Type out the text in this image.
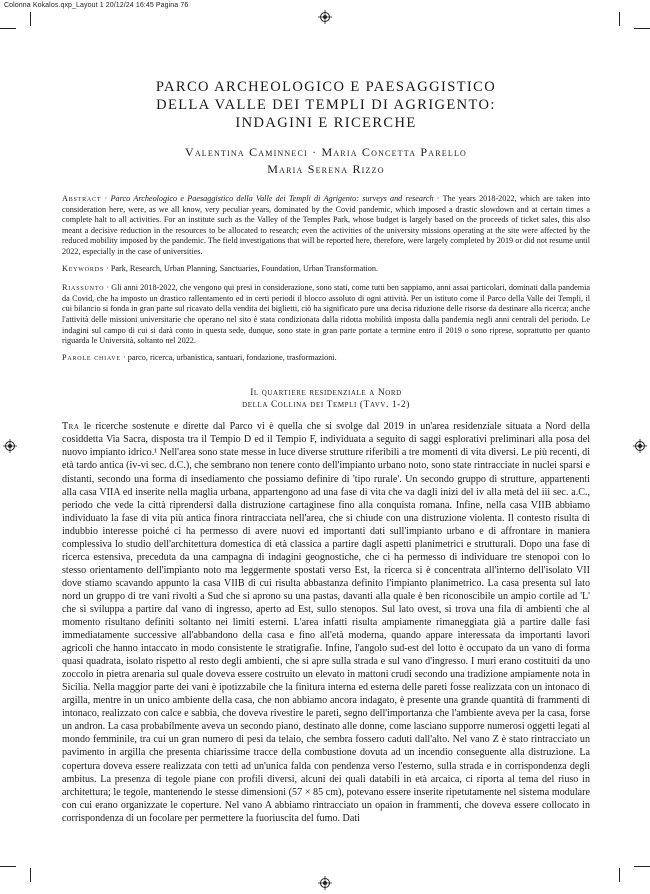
Colonna Kokalos.qxp_Layout 1 20/12/24 16:45 Pagina 76
PARCO ARCHEOLOGICO E PAESAGGISTICO
DELLA VALLE DEI TEMPLI DI AGRIGENTO:
INDAGINI E RICERCHE
Valentina Caminneci · Maria Concetta Parello
Maria Serena Rizzo
Abstract · Parco Archeologico e Paesaggistico della Valle dei Templi di Agrigento: surveys and research · The years 2018-2022, which are taken into consideration here, were, as we all know, very peculiar years, dominated by the Covid pandemic, which imposed a drastic slowdown and at certain times a complete halt to all activities. For an institute such as the Valley of the Temples Park, whose budget is largely based on the proceeds of ticket sales, this also meant a decisive reduction in the resources to be allocated to research; even the activities of the university missions operating at the site were affected by the reduced mobility imposed by the pandemic. The field investigations that will be reported here, therefore, were largely completed by 2019 or did not resume until 2022, especially in the case of universities.
Keywords · Park, Research, Urban Planning, Sanctuaries, Foundation, Urban Transformation.
Riassunto · Gli anni 2018-2022, che vengono qui presi in considerazione, sono stati, come tutti ben sappiamo, anni assai particolari, dominati dalla pandemia da Covid, che ha imposto un drastico rallentamento ed in certi periodi il blocco assoluto di ogni attività. Per un istituto come il Parco della Valle dei Templi, il cui bilancio si fonda in gran parte sul ricavato della vendita dei biglietti, ciò ha significato pure una decisa riduzione delle risorse da destinare alla ricerca; anche l'attività delle missioni universitarie che operano nel sito è stata condizionata dalla ridotta mobilità imposta dalla pandemia negli anni centrali del periodo. Le indagini sul campo di cui si darà conto in questa sede, dunque, sono state in gran parte portate a termine entro il 2019 o sono riprese, soprattutto per quanto riguarda le Università, soltanto nel 2022.
Parole chiave · parco, ricerca, urbanistica, santuari, fondazione, trasformazioni.
Il quartiere residenziale a Nord
della Collina dei Templi (Tavv. 1-2)
Tra le ricerche sostenute e dirette dal Parco vi è quella che si svolge dal 2019 in un'area residenziale situata a Nord della cosiddetta Via Sacra, disposta tra il Tempio D ed il Tempio F, individuata a seguito di saggi esplorativi preliminari alla posa del nuovo impianto idrico.¹ Nell'area sono state messe in luce diverse strutture riferibili a tre momenti di vita diversi. Le più recenti, di età tardo antica (iv-vi sec. d.C.), che sembrano non tenere conto dell'impianto urbano noto, sono state rintracciate in nuclei sparsi e distanti, secondo una forma di insediamento che possiamo definire di 'tipo rurale'. Un secondo gruppo di strutture, appartenenti alla casa VIIA ed inserite nella maglia urbana, appartengono ad una fase di vita che va dagli inizi del iv alla metà del iii sec. a.C., periodo che vede la città riprendersi dalla distruzione cartaginese fino alla conquista romana. Infine, nella casa VIIB abbiamo individuato la fase di vita più antica finora rintracciata nell'area, che si chiude con una distruzione violenta. Il contesto risulta di indubbio interesse poiché ci ha permesso di avere nuovi ed importanti dati sull'impianto urbano e di affrontare in maniera complessiva lo studio dell'architettura domestica di età classica a partire dagli aspetti planimetrici e strutturali. Dopo una fase di ricerca estensiva, preceduta da una campagna di indagini geognostiche, che ci ha permesso di individuare tre stenopoi con lo stesso orientamento dell'impianto noto ma leggermente spostati verso Est, la ricerca si è concentrata all'interno dell'isolato VII dove stiamo scavando appunto la casa VIIB di cui risulta abbastanza definito l'impianto planimetrico. La casa presenta sul lato nord un gruppo di tre vani rivolti a Sud che si aprono su una pastas, davanti alla quale è ben riconoscibile un ampio cortile ad 'L' che si sviluppa a partire dal vano di ingresso, aperto ad Est, sullo stenopos. Sul lato ovest, si trova una fila di ambienti che al momento risultano definiti soltanto nei limiti esterni. L'area infatti risulta ampiamente rimaneggiata già a partire dalle fasi immediatamente successive all'abbandono della casa e fino all'età moderna, quando appare interessata da importanti lavori agricoli che hanno intaccato in modo consistente le stratigrafie. Infine, l'angolo sud-est del lotto è occupato da un vano di forma quasi quadrata, isolato rispetto al resto degli ambienti, che si apre sulla strada e sul vano d'ingresso. I muri erano costituiti da uno zoccolo in pietra arenaria sul quale doveva essere costruito un elevato in mattoni crudi secondo una tradizione ampiamente nota in Sicilia. Nella maggior parte dei vani è ipotizzabile che la finitura interna ed esterna delle pareti fosse realizzata con un intonaco di argilla, mentre in un unico ambiente della casa, che non abbiamo ancora indagato, è presente una grande quantità di frammenti di intonaco, realizzato con calce e sabbia, che doveva rivestire le pareti, segno dell'importanza che l'ambiente aveva per la casa, forse un andron. La casa probabilmente aveva un secondo piano, destinato alle donne, come lasciano supporre numerosi oggetti legati al mondo femminile, tra cui un gran numero di pesi da telaio, che sembra fossero caduti dall'alto. Nel vano Z è stato rintracciato un pavimento in argilla che presenta chiarissime tracce della combustione dovuta ad un incendio conseguente alla distruzione. La copertura doveva essere realizzata con tetti ad un'unica falda con pendenza verso l'esterno, sulla strada e in corrispondenza degli ambitus. La presenza di tegole piane con profili diversi, alcuni dei quali databili in età arcaica, ci riporta al tema del riuso in architettura; le tegole, mantenendo le stesse dimensioni (57 × 85 cm), potevano essere inserite ripetutamente nel sistema modulare con cui erano organizzate le coperture. Nel vano A abbiamo rintracciato un opaion in frammenti, che doveva essere collocato in corrispondenza di un focolare per permettere la fuoriuscita del fumo. Dati
